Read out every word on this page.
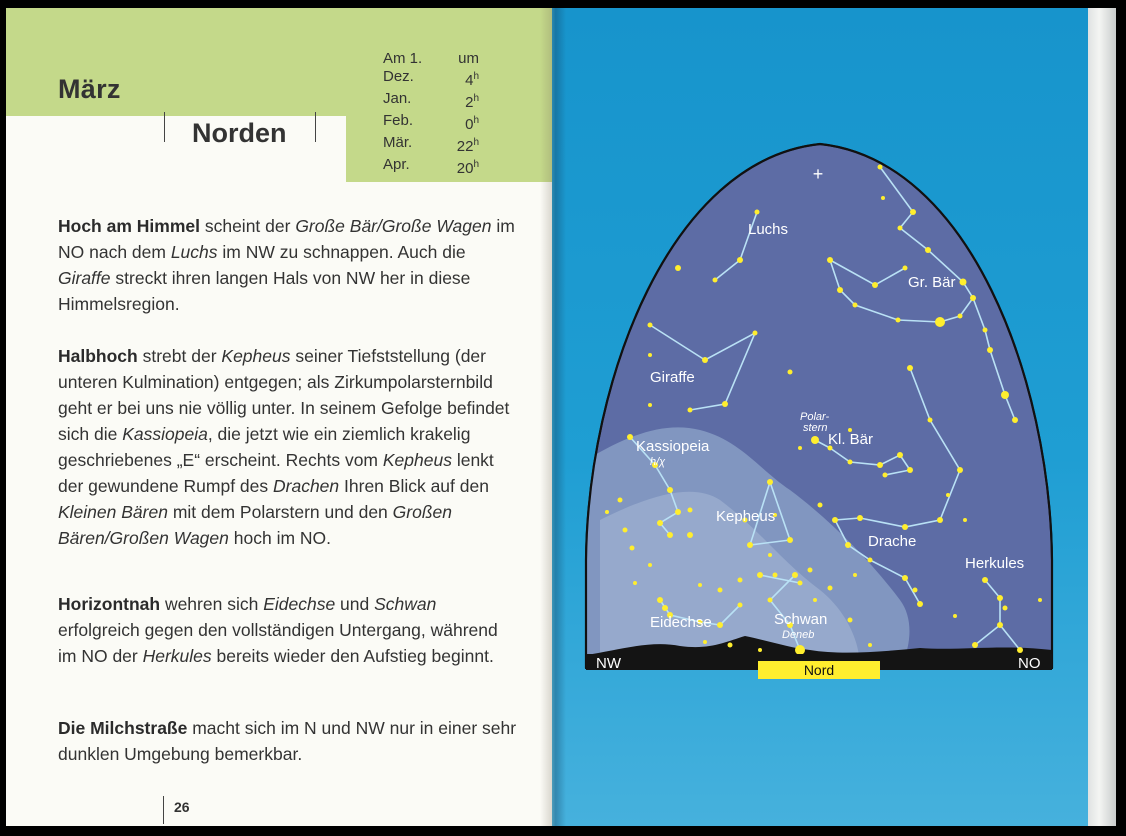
März
Norden
Am 1. um
Dez.	4$^h$
Jan.	2$^h$
Feb.	0$^h$
Mär.	22$^h$
Apr.	20$^h$
Hoch am Himmel scheint der Große Bär/Große Wagen im NO nach dem Luchs im NW zu schnappen. Auch die Giraffe streckt ihren langen Hals von NW her in diese Himmelsregion.
Halbhoch strebt der Kepheus seiner Tiefststellung (der unteren Kulmination) entgegen; als Zirkumpolarsternbild geht er bei uns nie völlig unter. In seinem Gefolge befindet sich die Kassiopeia, die jetzt wie ein ziemlich krakelig geschriebenes „E“ erscheint. Rechts vom Kepheus lenkt der gewundene Rumpf des Drachen Ihren Blick auf den Kleinen Bären mit dem Polarstern und den Großen Bären/Großen Wagen hoch im NO.
Horizontnah wehren sich Eidechse und Schwan erfolgreich gegen den vollständigen Untergang, während im NO der Herkules bereits wieder den Aufstieg beginnt.
Die Milchstraße macht sich im N und NW nur in einer sehr dunklen Umgebung bemerkbar.
26
Nord
NW	NO
+
Luchs
Gr. Bär
Giraffe
Kl. Bär
Kassiopeia
Kepheus
Drache
Herkules
Eidechse	Schwan
Polar-
stern
Deneb
h/χ
